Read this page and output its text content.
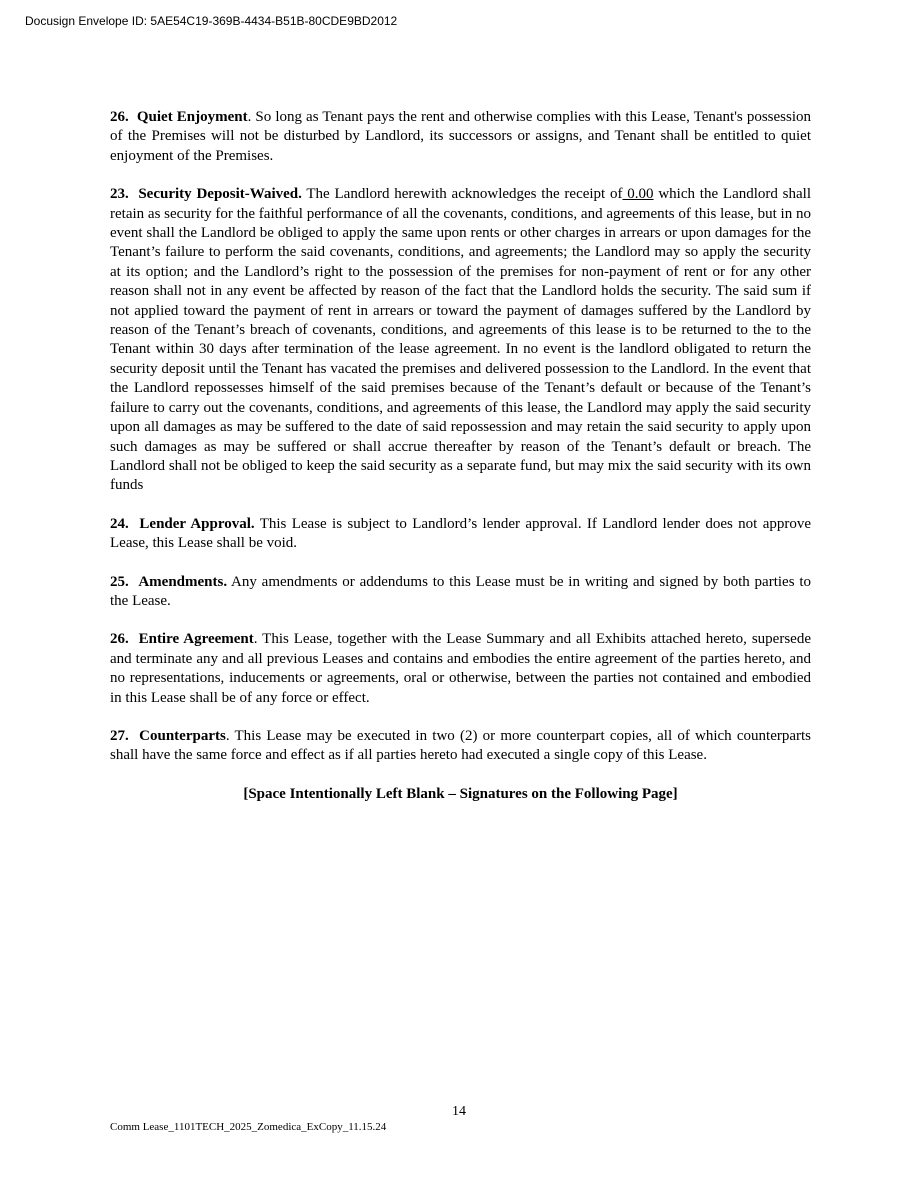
Docusign Envelope ID: 5AE54C19-369B-4434-B51B-80CDE9BD2012

26. Quiet Enjoyment. So long as Tenant pays the rent and otherwise complies with this Lease, Tenant's possession of the Premises will not be disturbed by Landlord, its successors or assigns, and Tenant shall be entitled to quiet enjoyment of the Premises.

23. Security Deposit-Waived. The Landlord herewith acknowledges the receipt of 0.00 which the Landlord shall retain as security for the faithful performance of all the covenants, conditions, and agreements of this lease, but in no event shall the Landlord be obliged to apply the same upon rents or other charges in arrears or upon damages for the Tenant’s failure to perform the said covenants, conditions, and agreements; the Landlord may so apply the security at its option; and the Landlord’s right to the possession of the premises for non-payment of rent or for any other reason shall not in any event be affected by reason of the fact that the Landlord holds the security. The said sum if not applied toward the payment of rent in arrears or toward the payment of damages suffered by the Landlord by reason of the Tenant’s breach of covenants, conditions, and agreements of this lease is to be returned to the to the Tenant within 30 days after termination of the lease agreement. In no event is the landlord obligated to return the security deposit until the Tenant has vacated the premises and delivered possession to the Landlord. In the event that the Landlord repossesses himself of the said premises because of the Tenant’s default or because of the Tenant’s failure to carry out the covenants, conditions, and agreements of this lease, the Landlord may apply the said security upon all damages as may be suffered to the date of said repossession and may retain the said security to apply upon such damages as may be suffered or shall accrue thereafter by reason of the Tenant’s default or breach. The Landlord shall not be obliged to keep the said security as a separate fund, but may mix the said security with its own funds

24. Lender Approval. This Lease is subject to Landlord’s lender approval. If Landlord lender does not approve Lease, this Lease shall be void.

25. Amendments. Any amendments or addendums to this Lease must be in writing and signed by both parties to the Lease.

26. Entire Agreement. This Lease, together with the Lease Summary and all Exhibits attached hereto, supersede and terminate any and all previous Leases and contains and embodies the entire agreement of the parties hereto, and no representations, inducements or agreements, oral or otherwise, between the parties not contained and embodied in this Lease shall be of any force or effect.

27. Counterparts. This Lease may be executed in two (2) or more counterpart copies, all of which counterparts shall have the same force and effect as if all parties hereto had executed a single copy of this Lease.

[Space Intentionally Left Blank – Signatures on the Following Page]

14
Comm Lease_1101TECH_2025_Zomedica_ExCopy_11.15.24
